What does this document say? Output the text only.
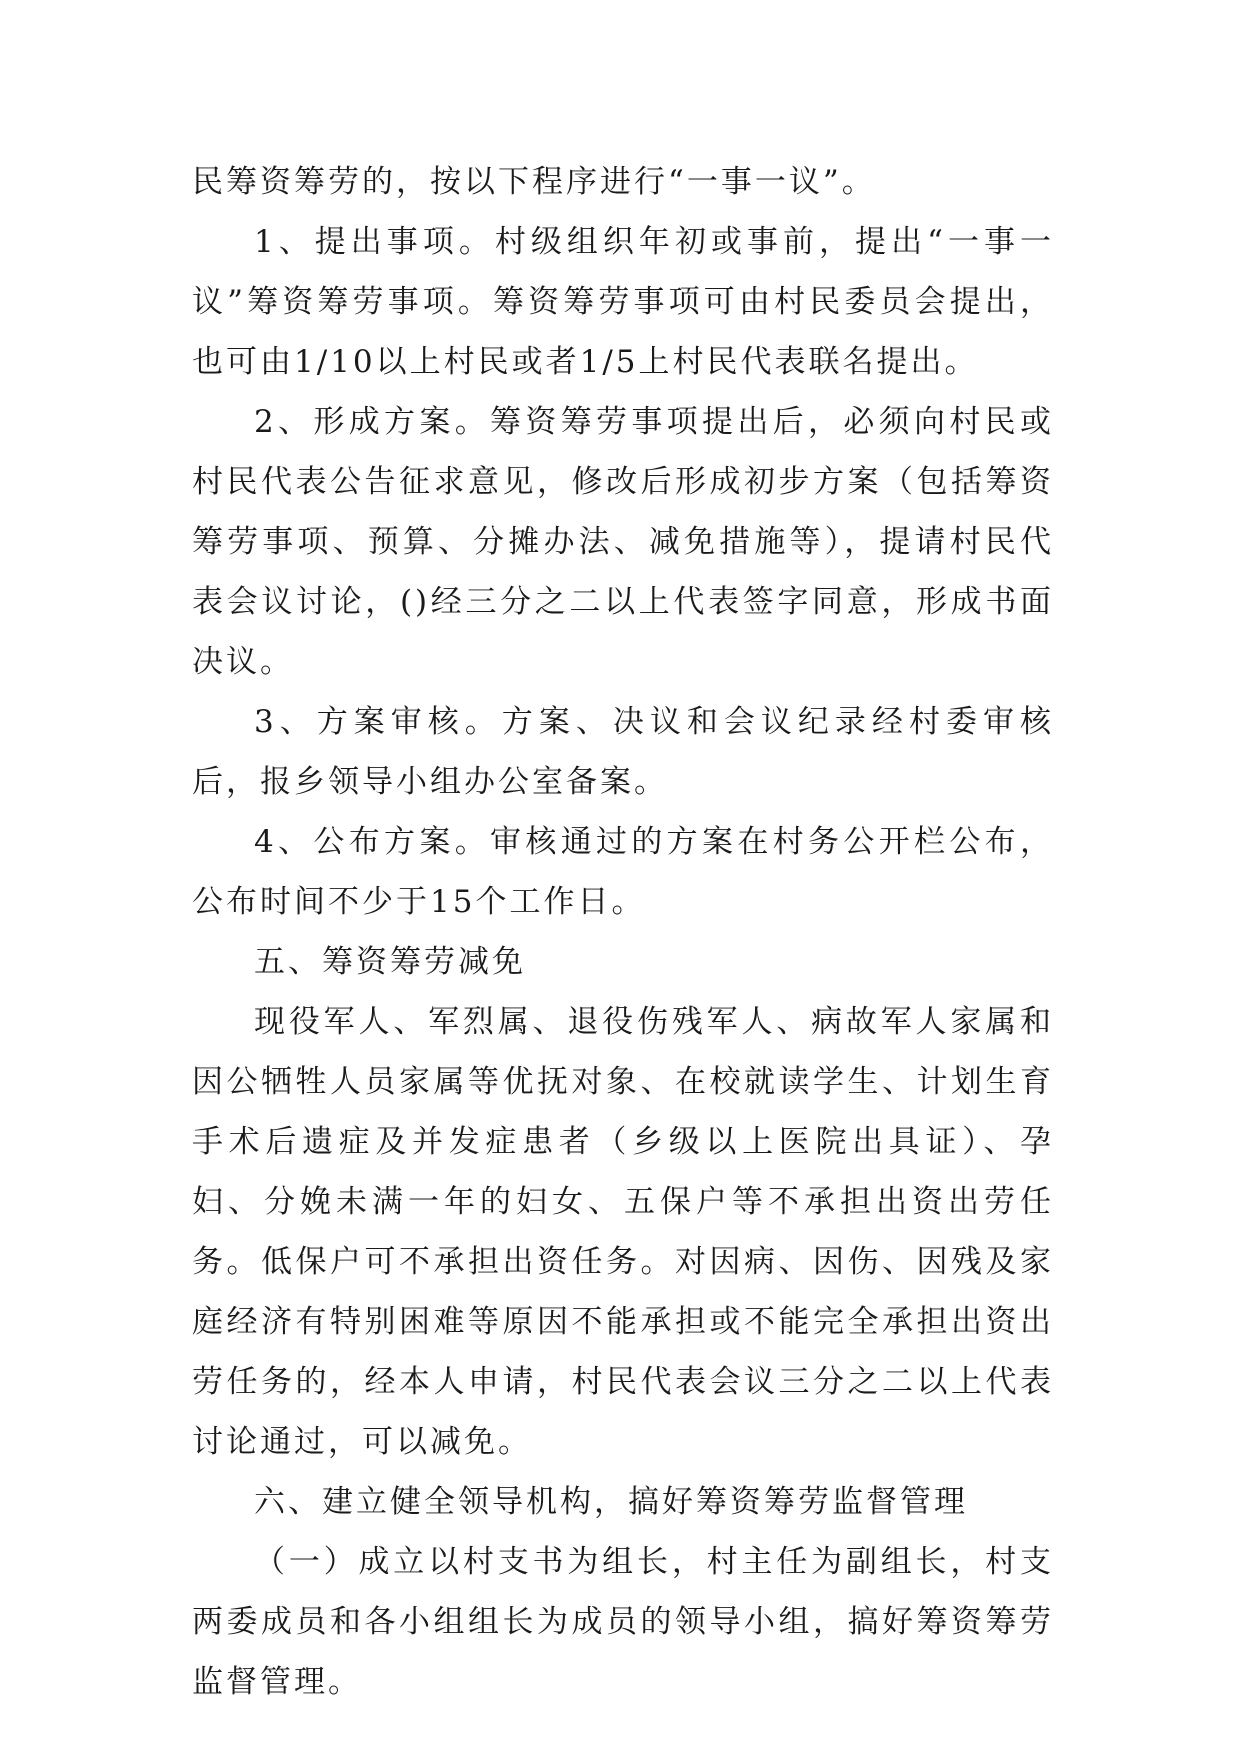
民筹资筹劳的，按以下程序进行“一事一议”。

1、提出事项。村级组织年初或事前，提出“一事一议”筹资筹劳事项。筹资筹劳事项可由村民委员会提出，也可由1/10以上村民或者1/5上村民代表联名提出。

2、形成方案。筹资筹劳事项提出后，必须向村民或村民代表公告征求意见，修改后形成初步方案（包括筹资筹劳事项、预算、分摊办法、减免措施等），提请村民代表会议讨论，()经三分之二以上代表签字同意，形成书面决议。

3、方案审核。方案、决议和会议纪录经村委审核后，报乡领导小组办公室备案。

4、公布方案。审核通过的方案在村务公开栏公布，公布时间不少于15个工作日。

五、筹资筹劳减免

现役军人、军烈属、退役伤残军人、病故军人家属和因公牺牲人员家属等优抚对象、在校就读学生、计划生育手术后遗症及并发症患者（乡级以上医院出具证）、孕妇、分娩未满一年的妇女、五保户等不承担出资出劳任务。低保户可不承担出资任务。对因病、因伤、因残及家庭经济有特别困难等原因不能承担或不能完全承担出资出劳任务的，经本人申请，村民代表会议三分之二以上代表讨论通过，可以减免。

六、建立健全领导机构，搞好筹资筹劳监督管理

（一）成立以村支书为组长，村主任为副组长，村支两委成员和各小组组长为成员的领导小组，搞好筹资筹劳监督管理。
